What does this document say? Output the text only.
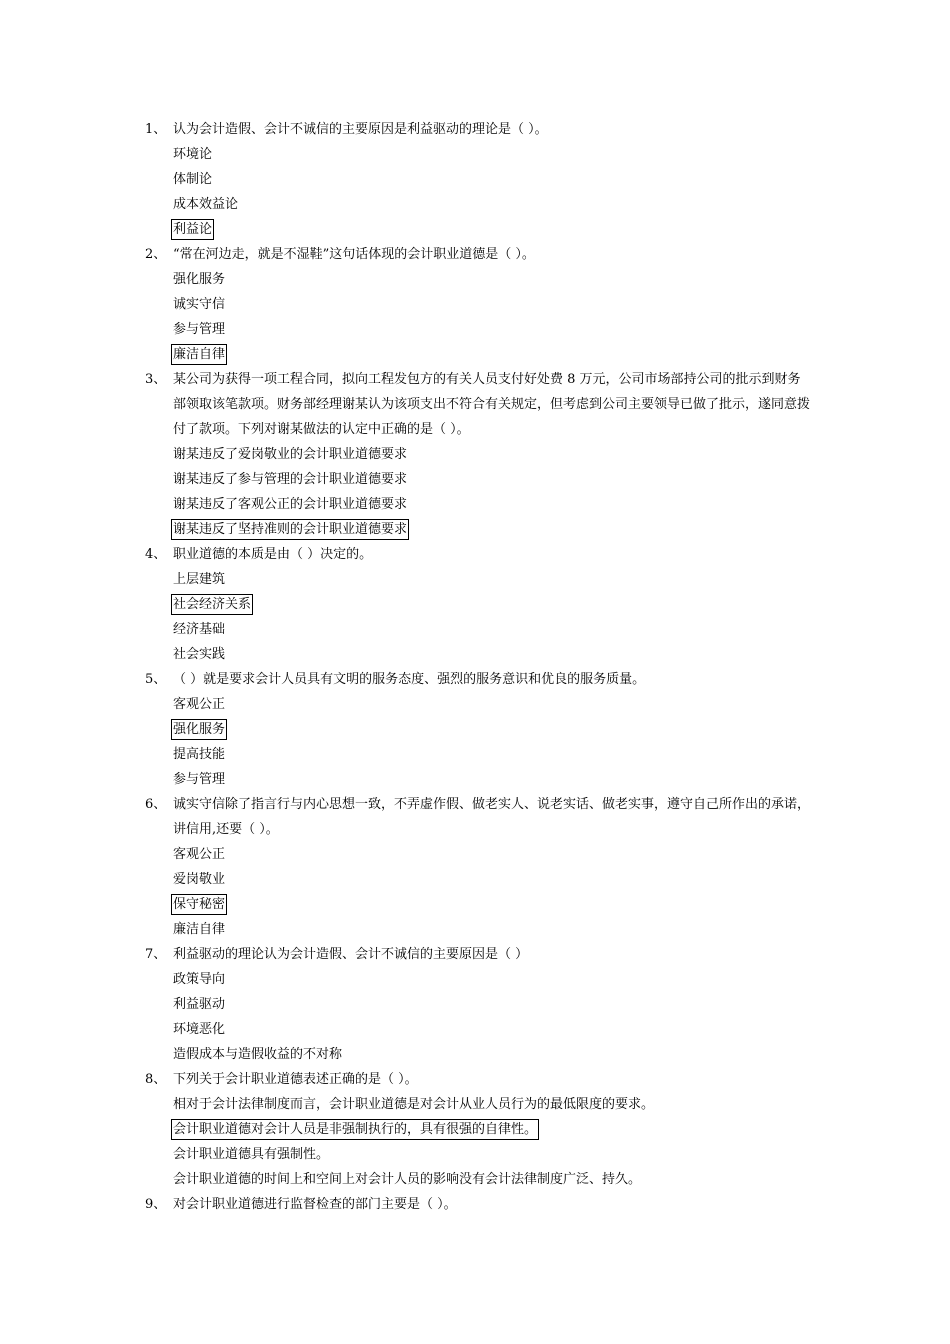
1、 认为会计造假、会计不诚信的主要原因是利益驱动的理论是（ ）。
环境论
体制论
成本效益论
利益论
2、 “常在河边走，就是不湿鞋”这句话体现的会计职业道德是（ ）。
强化服务
诚实守信
参与管理
廉洁自律
3、 某公司为获得一项工程合同，拟向工程发包方的有关人员支付好处费 8 万元，公司市场部持公司的批示到财务部领取该笔款项。财务部经理谢某认为该项支出不符合有关规定，但考虑到公司主要领导已做了批示，遂同意拨付了款项。下列对谢某做法的认定中正确的是（ ）。
谢某违反了爱岗敬业的会计职业道德要求
谢某违反了参与管理的会计职业道德要求
谢某违反了客观公正的会计职业道德要求
谢某违反了坚持准则的会计职业道德要求
4、 职业道德的本质是由（ ）决定的。
上层建筑
社会经济关系
经济基础
社会实践
5、 （ ）就是要求会计人员具有文明的服务态度、强烈的服务意识和优良的服务质量。
客观公正
强化服务
提高技能
参与管理
6、 诚实守信除了指言行与内心思想一致，不弄虚作假、做老实人、说老实话、做老实事，遵守自己所作出的承诺，讲信用,还要（ ）。
客观公正
爱岗敬业
保守秘密
廉洁自律
7、 利益驱动的理论认为会计造假、会计不诚信的主要原因是（ ）
政策导向
利益驱动
环境恶化
造假成本与造假收益的不对称
8、 下列关于会计职业道德表述正确的是（ ）。
相对于会计法律制度而言，会计职业道德是对会计从业人员行为的最低限度的要求。
会计职业道德对会计人员是非强制执行的，具有很强的自律性。
会计职业道德具有强制性。
会计职业道德的时间上和空间上对会计人员的影响没有会计法律制度广泛、持久。
9、 对会计职业道德进行监督检查的部门主要是（ ）。
